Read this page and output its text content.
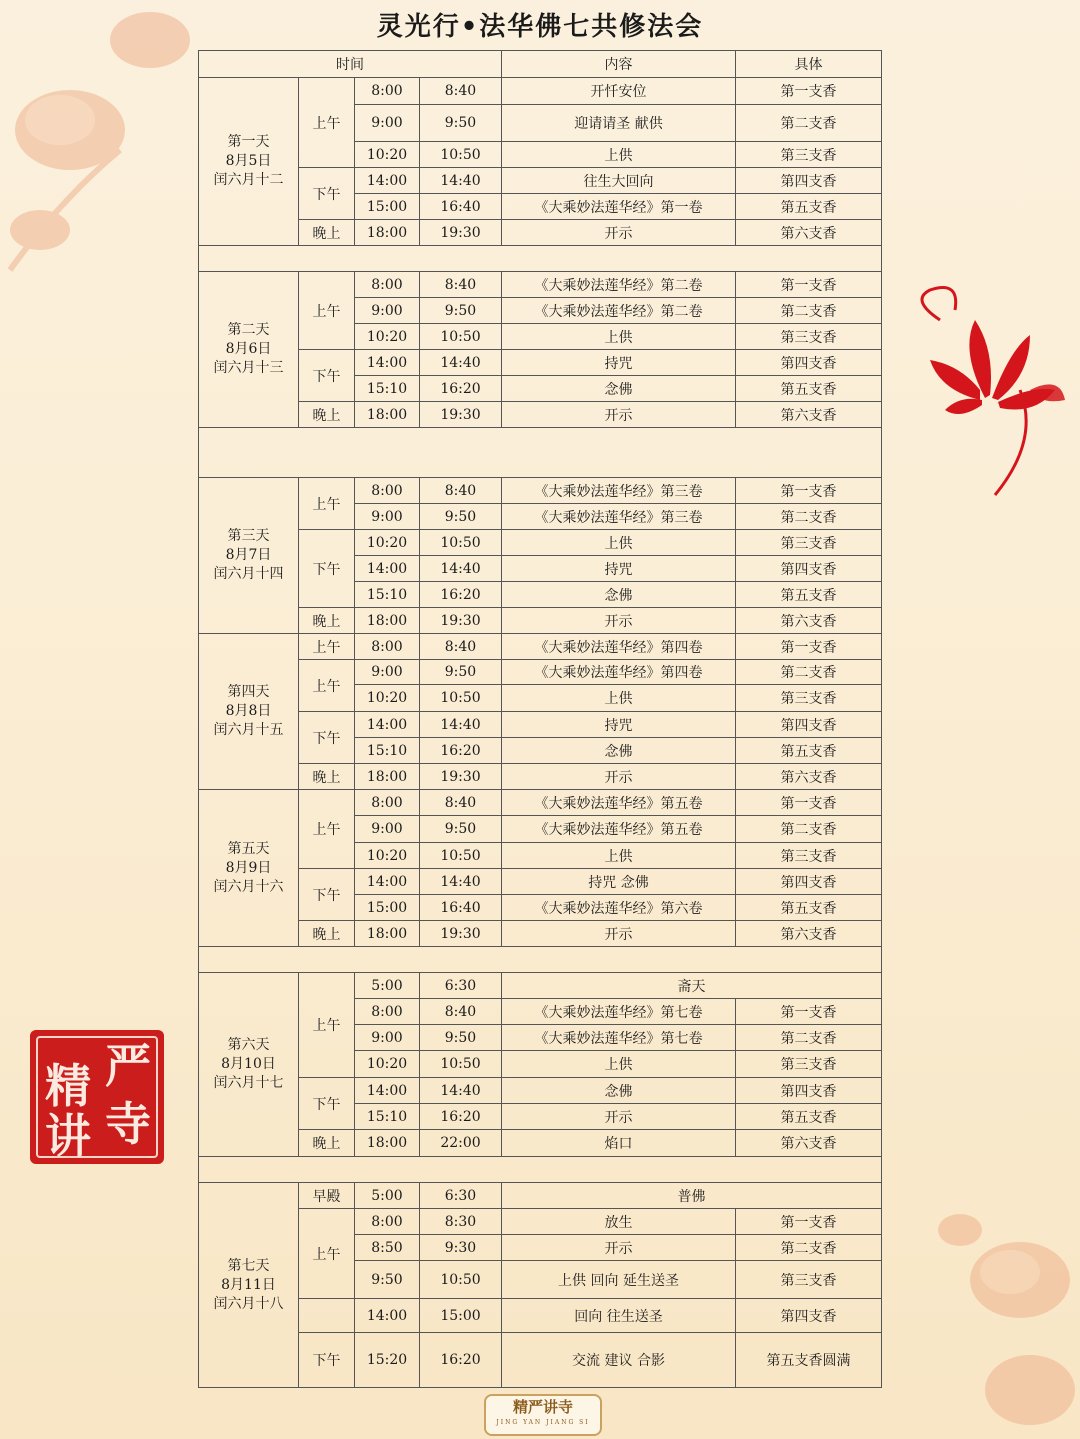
灵光行•法华佛七共修法会
时间				内容	具体

第一天
8月5日
闰六月十二	上午	8:00	8:40	开忏安位	第一支香
		9:00	9:50	迎请请圣 献供	第二支香
		10:20	10:50	上供	第三支香
	下午	14:00	14:40	往生大回向	第四支香
		15:00	16:40	《大乘妙法莲华经》第一卷	第五支香
	晚上	18:00	19:30	开示	第六支香

第二天
8月6日
闰六月十三	上午	8:00	8:40	《大乘妙法莲华经》第二卷	第一支香
		9:00	9:50	《大乘妙法莲华经》第二卷	第二支香
		10:20	10:50	上供	第三支香
	下午	14:00	14:40	持咒	第四支香
		15:10	16:20	念佛	第五支香
	晚上	18:00	19:30	开示	第六支香

第三天
8月7日
闰六月十四	上午	8:00	8:40	《大乘妙法莲华经》第三卷	第一支香
		9:00	9:50	《大乘妙法莲华经》第三卷	第二支香
	下午	10:20	10:50	上供	第三支香
		14:00	14:40	持咒	第四支香
		15:10	16:20	念佛	第五支香
	晚上	18:00	19:30	开示	第六支香

第四天
8月8日
闰六月十五	上午	8:00	8:40	《大乘妙法莲华经》第四卷	第一支香
	上午	9:00	9:50	《大乘妙法莲华经》第四卷	第二支香
		10:20	10:50	上供	第三支香
	下午	14:00	14:40	持咒	第四支香
		15:10	16:20	念佛	第五支香
	晚上	18:00	19:30	开示	第六支香

第五天
8月9日
闰六月十六	上午	8:00	8:40	《大乘妙法莲华经》第五卷	第一支香
		9:00	9:50	《大乘妙法莲华经》第五卷	第二支香
		10:20	10:50	上供	第三支香
	下午	14:00	14:40	持咒 念佛	第四支香
		15:00	16:40	《大乘妙法莲华经》第六卷	第五支香
	晚上	18:00	19:30	开示	第六支香

第六天
8月10日
闰六月十七	上午	5:00	6:30	斋天	
		8:00	8:40	《大乘妙法莲华经》第七卷	第一支香
		9:00	9:50	《大乘妙法莲华经》第七卷	第二支香
		10:20	10:50	上供	第三支香
	下午	14:00	14:40	念佛	第四支香
		15:10	16:20	开示	第五支香
	晚上	18:00	22:00	焰口	第六支香

第七天
8月11日
闰六月十八	早殿	5:00	6:30	普佛	
	上午	8:00	8:30	放生	第一支香
		8:50	9:30	开示	第二支香
		9:50	10:50	上供 回向 延生送圣	第三支香
		14:00	15:00	回向 往生送圣	第四支香
	下午	15:20	16:20	交流 建议 合影	第五支香圆满
严
寺
精
讲
精严讲寺
JING YAN JIANG SI
